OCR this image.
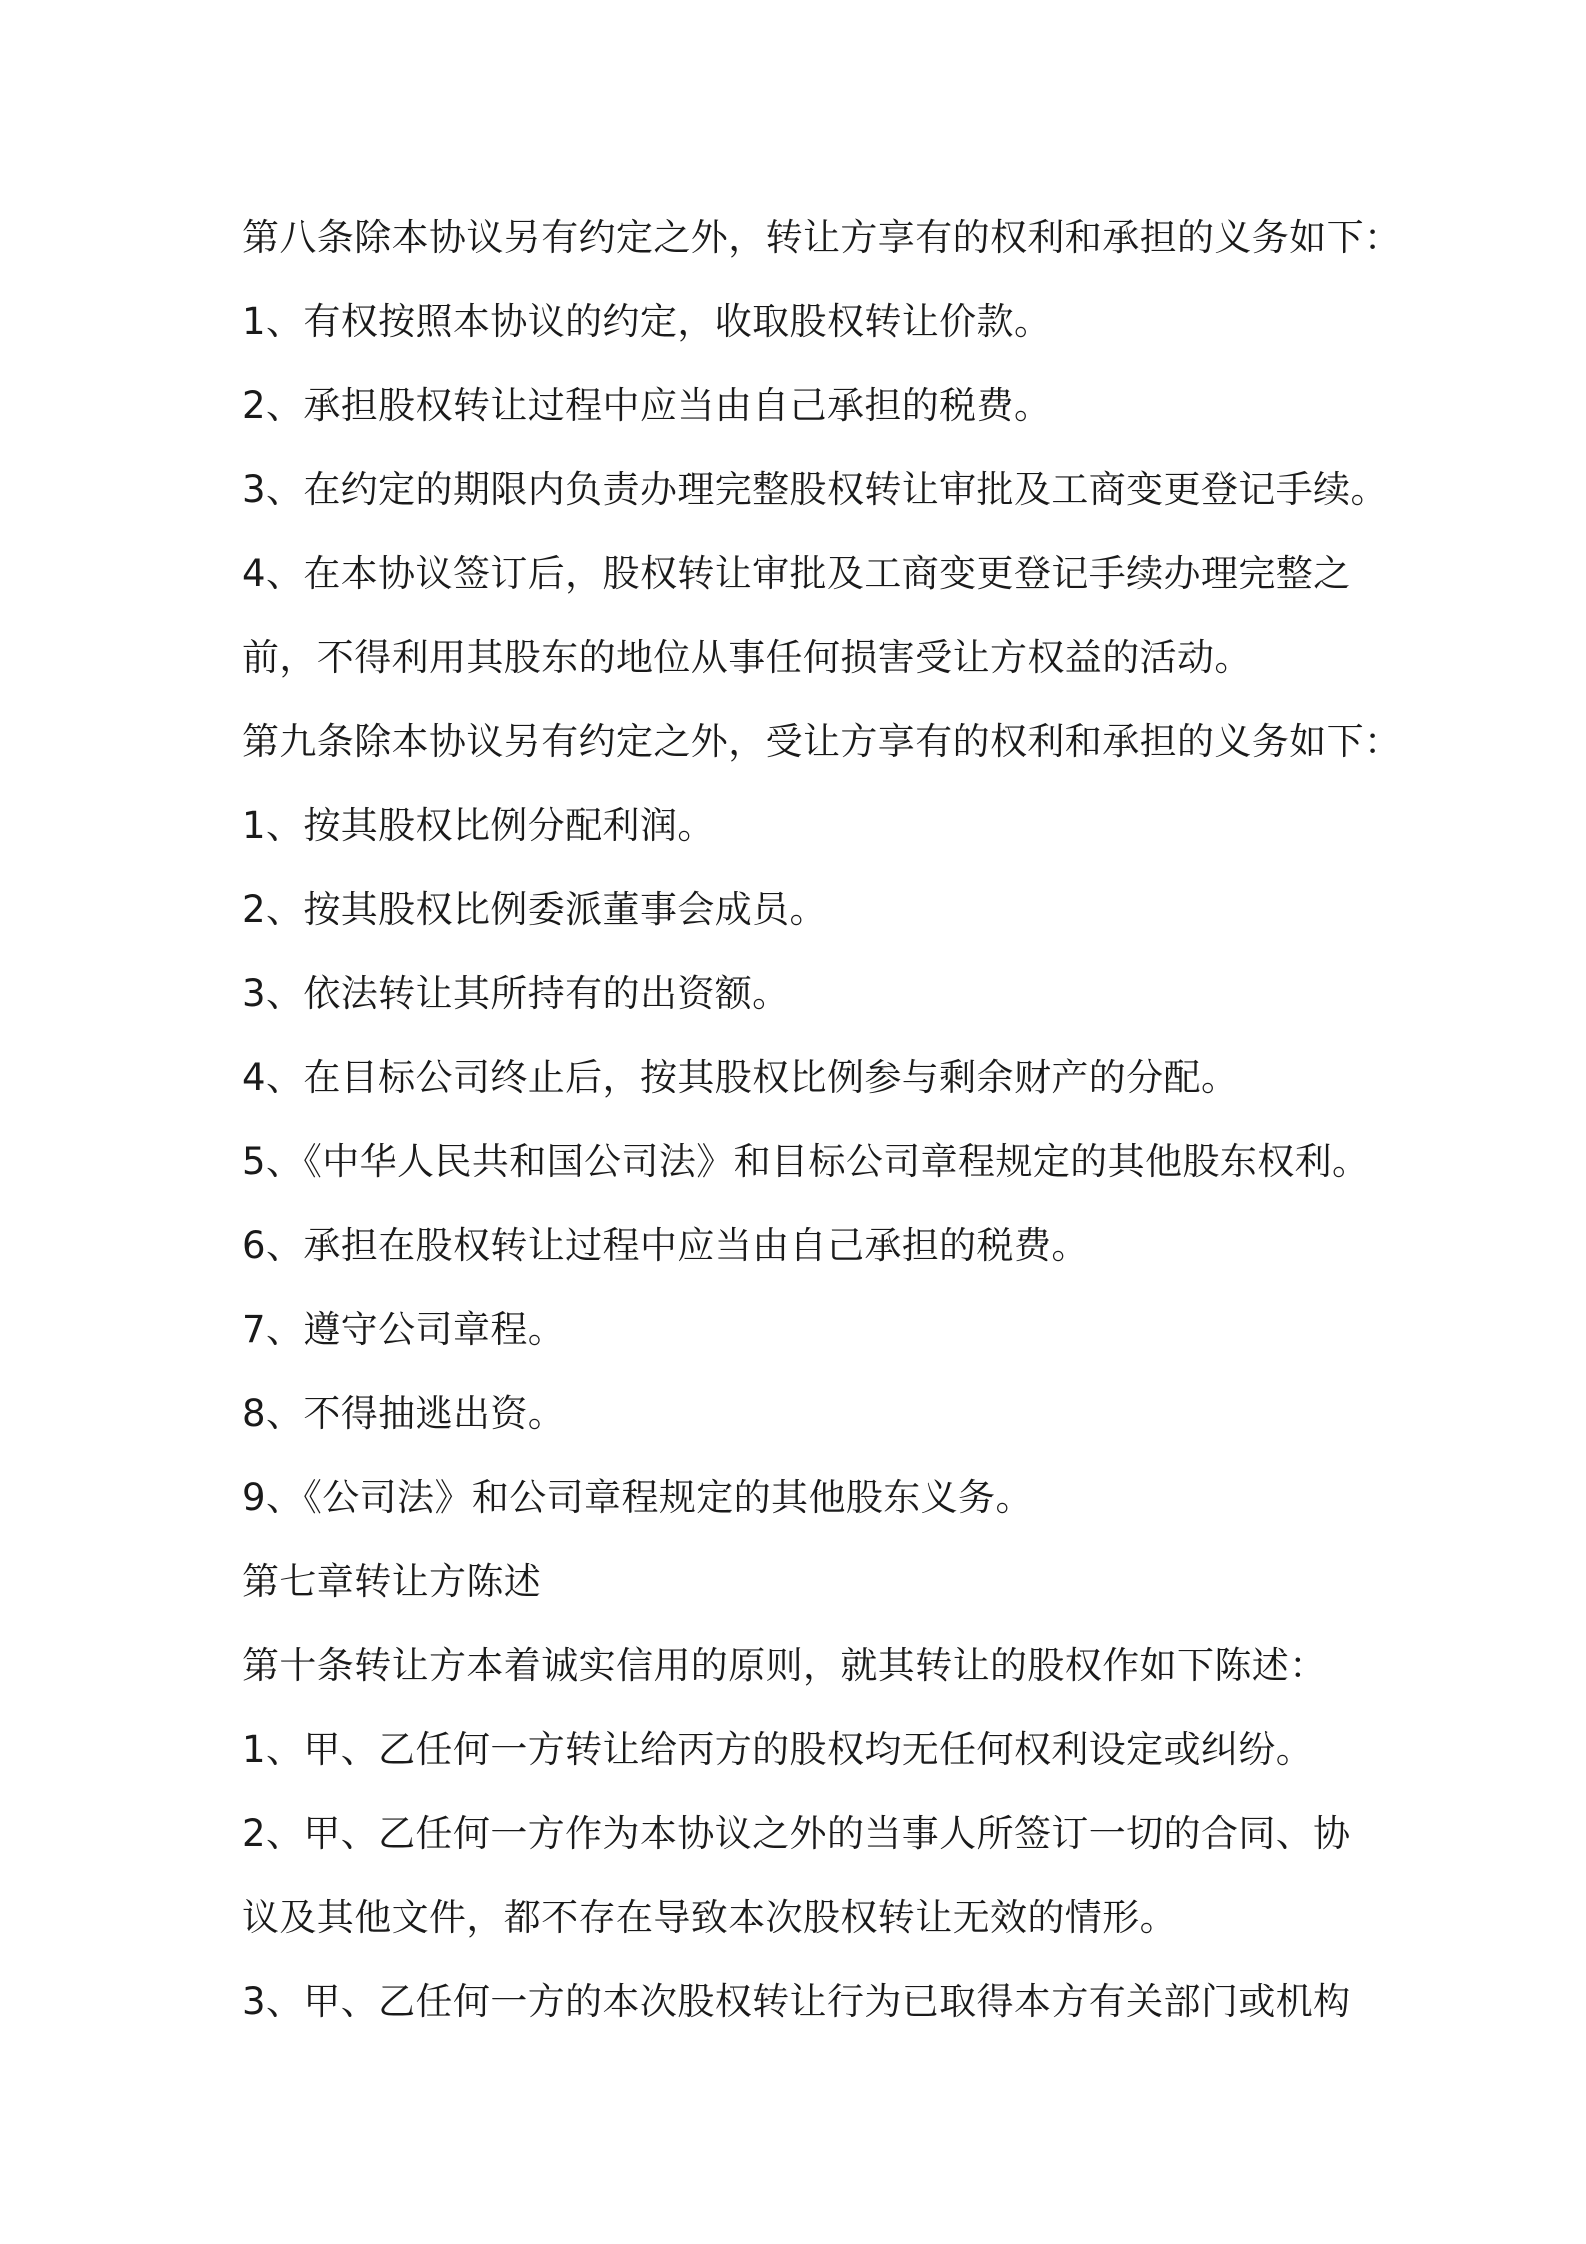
第八条除本协议另有约定之外，转让方享有的权利和承担的义务如下：
1、有权按照本协议的约定，收取股权转让价款。
2、承担股权转让过程中应当由自己承担的税费。
3、在约定的期限内负责办理完整股权转让审批及工商变更登记手续。
4、在本协议签订后，股权转让审批及工商变更登记手续办理完整之
前，不得利用其股东的地位从事任何损害受让方权益的活动。
第九条除本协议另有约定之外，受让方享有的权利和承担的义务如下：
1、按其股权比例分配利润。
2、按其股权比例委派董事会成员。
3、依法转让其所持有的出资额。
4、在目标公司终止后，按其股权比例参与剩余财产的分配。
5、《中华人民共和国公司法》和目标公司章程规定的其他股东权利。
6、承担在股权转让过程中应当由自己承担的税费。
7、遵守公司章程。
8、不得抽逃出资。
9、《公司法》和公司章程规定的其他股东义务。
第七章转让方陈述
第十条转让方本着诚实信用的原则，就其转让的股权作如下陈述：
1、甲、乙任何一方转让给丙方的股权均无任何权利设定或纠纷。
2、甲、乙任何一方作为本协议之外的当事人所签订一切的合同、协
议及其他文件，都不存在导致本次股权转让无效的情形。
3、甲、乙任何一方的本次股权转让行为已取得本方有关部门或机构
